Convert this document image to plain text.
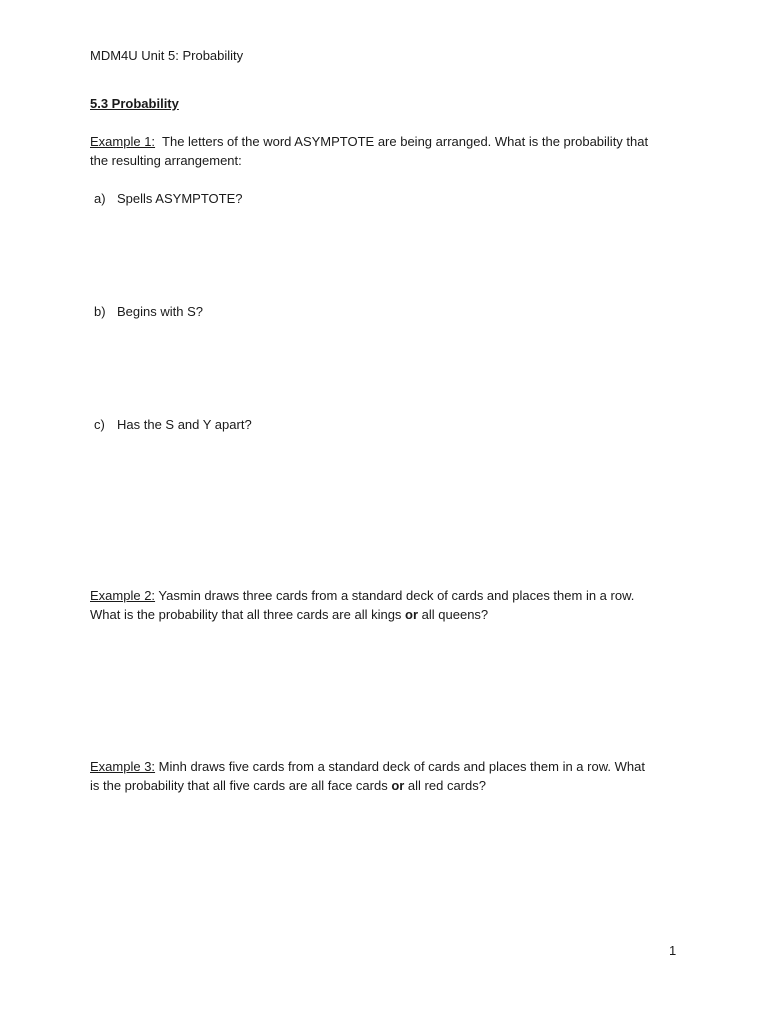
MDM4U Unit 5: Probability
5.3 Probability
Example 1:  The letters of the word ASYMPTOTE are being arranged. What is the probability that
the resulting arrangement:
a) Spells ASYMPTOTE?
b) Begins with S?
c) Has the S and Y apart?
Example 2: Yasmin draws three cards from a standard deck of cards and places them in a row.
What is the probability that all three cards are all kings or all queens?
Example 3: Minh draws five cards from a standard deck of cards and places them in a row. What
is the probability that all five cards are all face cards or all red cards?
1
